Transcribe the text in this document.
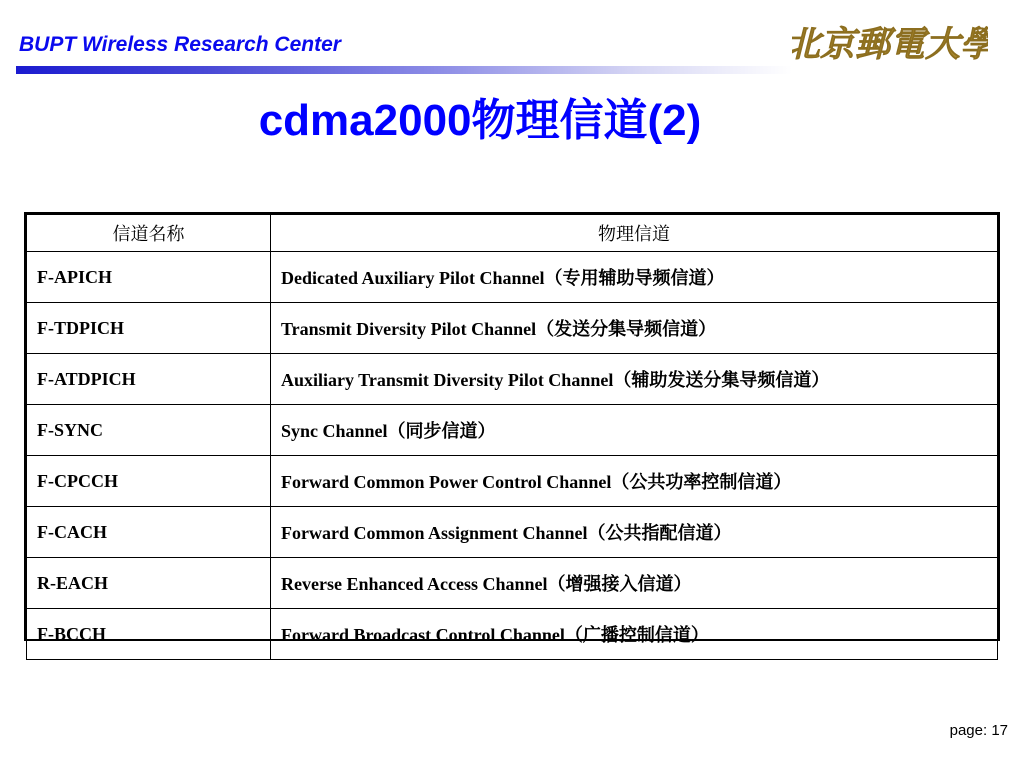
BUPT Wireless Research Center	北京郵電大學
cdma2000物理信道(2)
信道名称	物理信道
F-APICH	Dedicated Auxiliary Pilot Channel（专用辅助导频信道）
F-TDPICH	Transmit Diversity Pilot Channel（发送分集导频信道）
F-ATDPICH	Auxiliary Transmit Diversity Pilot Channel（辅助发送分集导频信道）
F-SYNC	Sync Channel（同步信道）
F-CPCCH	Forward Common Power Control Channel（公共功率控制信道）
F-CACH	Forward Common Assignment Channel（公共指配信道）
R-EACH	Reverse Enhanced Access Channel（增强接入信道）
F-BCCH	Forward Broadcast Control Channel（广播控制信道）
page: 17
